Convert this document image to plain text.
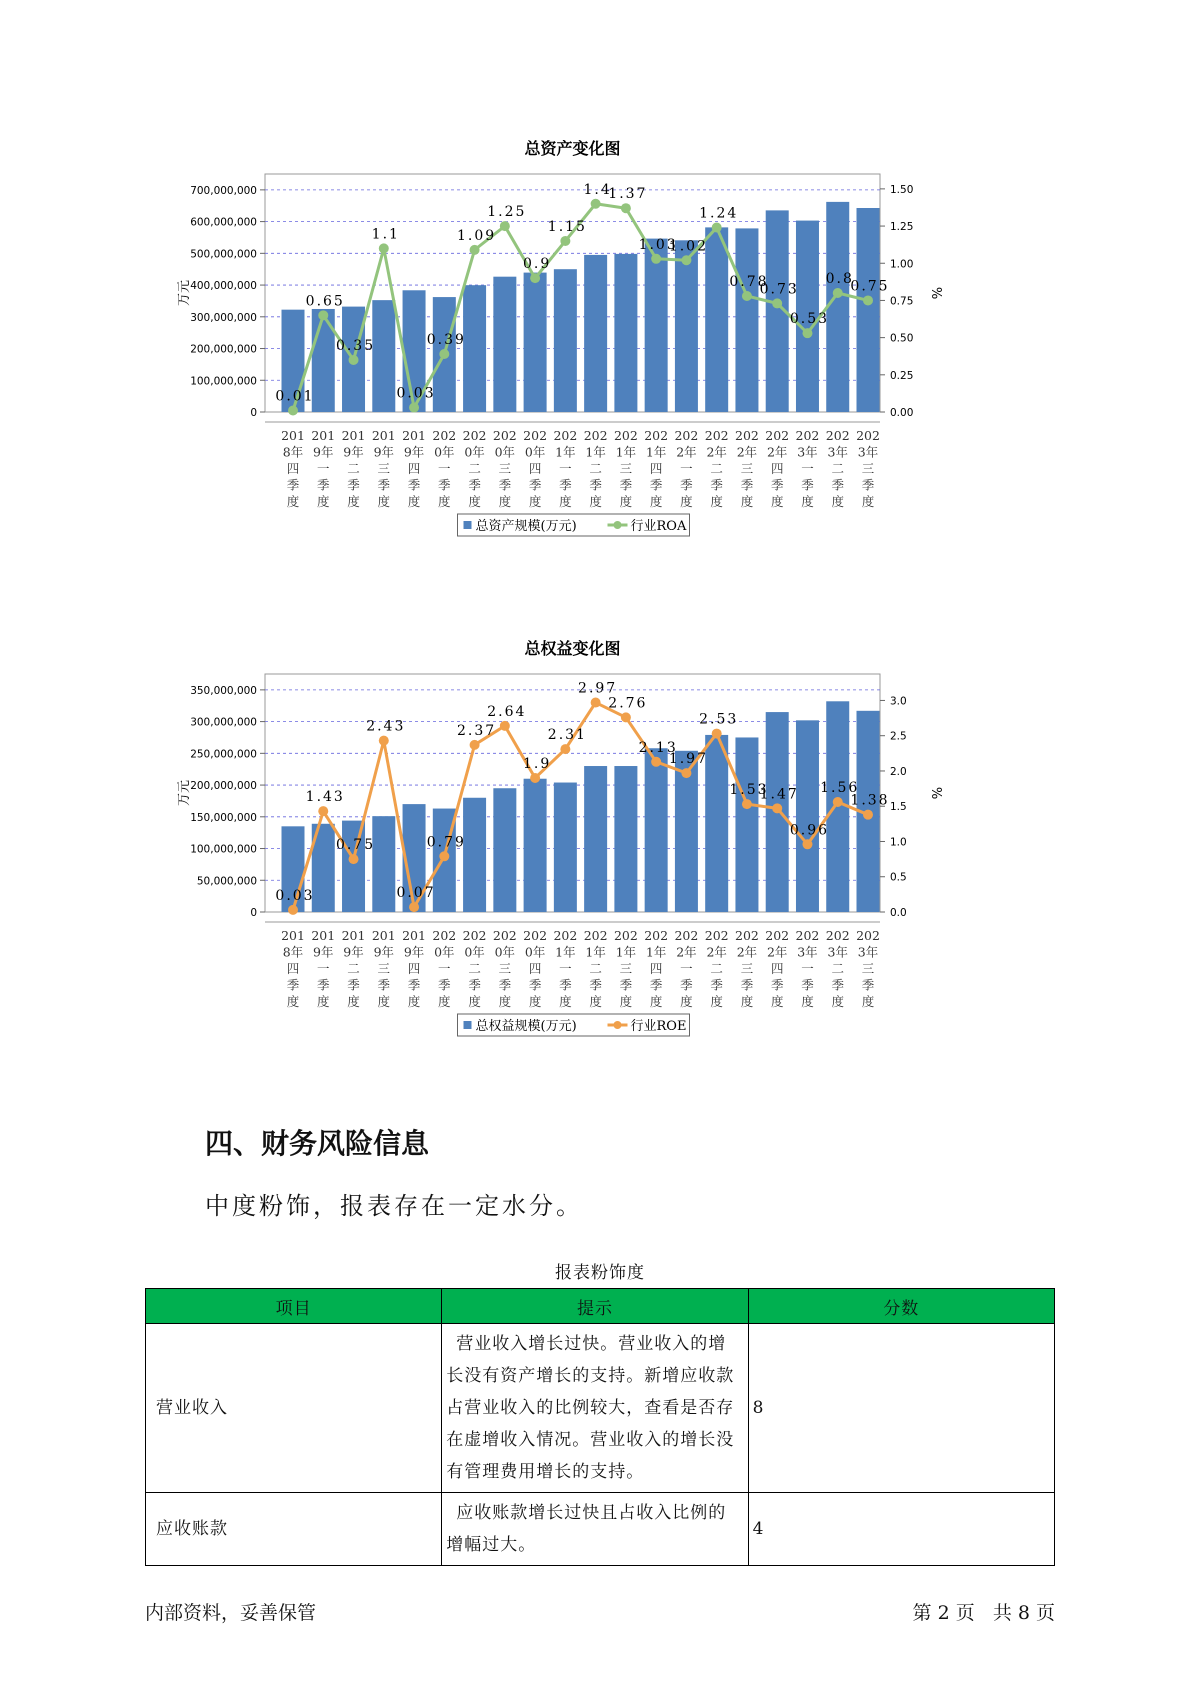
总资产变化图
0
100,000,000
200,000,000
300,000,000
400,000,000
500,000,000
600,000,000
700,000,000
0.00
0.25
0.50
0.75
1.00
1.25
1.50
万元	%
0.01
0.65
0.35
1.1
0.03
0.39
1.09
1.25
0.9
1.15
1.4
1.37
1.03
1.02
1.24
0.78
0.73
0.53
0.8
0.75
201
8年
四
季
度
201
9年
一
季
度
201
9年
二
季
度
201
9年
三
季
度
201
9年
四
季
度
202
0年
一
季
度
202
0年
二
季
度
202
0年
三
季
度
202
0年
四
季
度
202
1年
一
季
度
202
1年
二
季
度
202
1年
三
季
度
202
1年
四
季
度
202
2年
一
季
度
202
2年
二
季
度
202
2年
三
季
度
202
2年
四
季
度
202
3年
一
季
度
202
3年
二
季
度
202
3年
三
季
度
总资产规模(万元)	行业ROA
总权益变化图
0
50,000,000
100,000,000
150,000,000
200,000,000
250,000,000
300,000,000
350,000,000
0.0
0.5
1.0
1.5
2.0
2.5
3.0
万元	%
0.03
1.43
0.75
2.43
0.07
0.79
2.37
2.64
1.9
2.31
2.97
2.76
2.13
1.97
2.53
1.53
1.47
0.96
1.56
1.38
201
8年
四
季
度
201
9年
一
季
度
201
9年
二
季
度
201
9年
三
季
度
201
9年
四
季
度
202
0年
一
季
度
202
0年
二
季
度
202
0年
三
季
度
202
0年
四
季
度
202
1年
一
季
度
202
1年
二
季
度
202
1年
三
季
度
202
1年
四
季
度
202
2年
一
季
度
202
2年
二
季
度
202
2年
三
季
度
202
2年
四
季
度
202
3年
一
季
度
202
3年
二
季
度
202
3年
三
季
度
总权益规模(万元)	行业ROE
四、财务风险信息

中度粉饰，报表存在一定水分。

报表粉饰度
项目	提示	分数
营业收入	营业收入增长过快。营业收入的增长没有资产增长的支持。新增应收款占营业收入的比例较大，查看是否存在虚增收入情况。营业收入的增长没有管理费用增长的支持。	8
应收账款	应收账款增长过快且占收入比例的增幅过大。	4
内部资料，妥善保管	第 2 页   共 8 页
